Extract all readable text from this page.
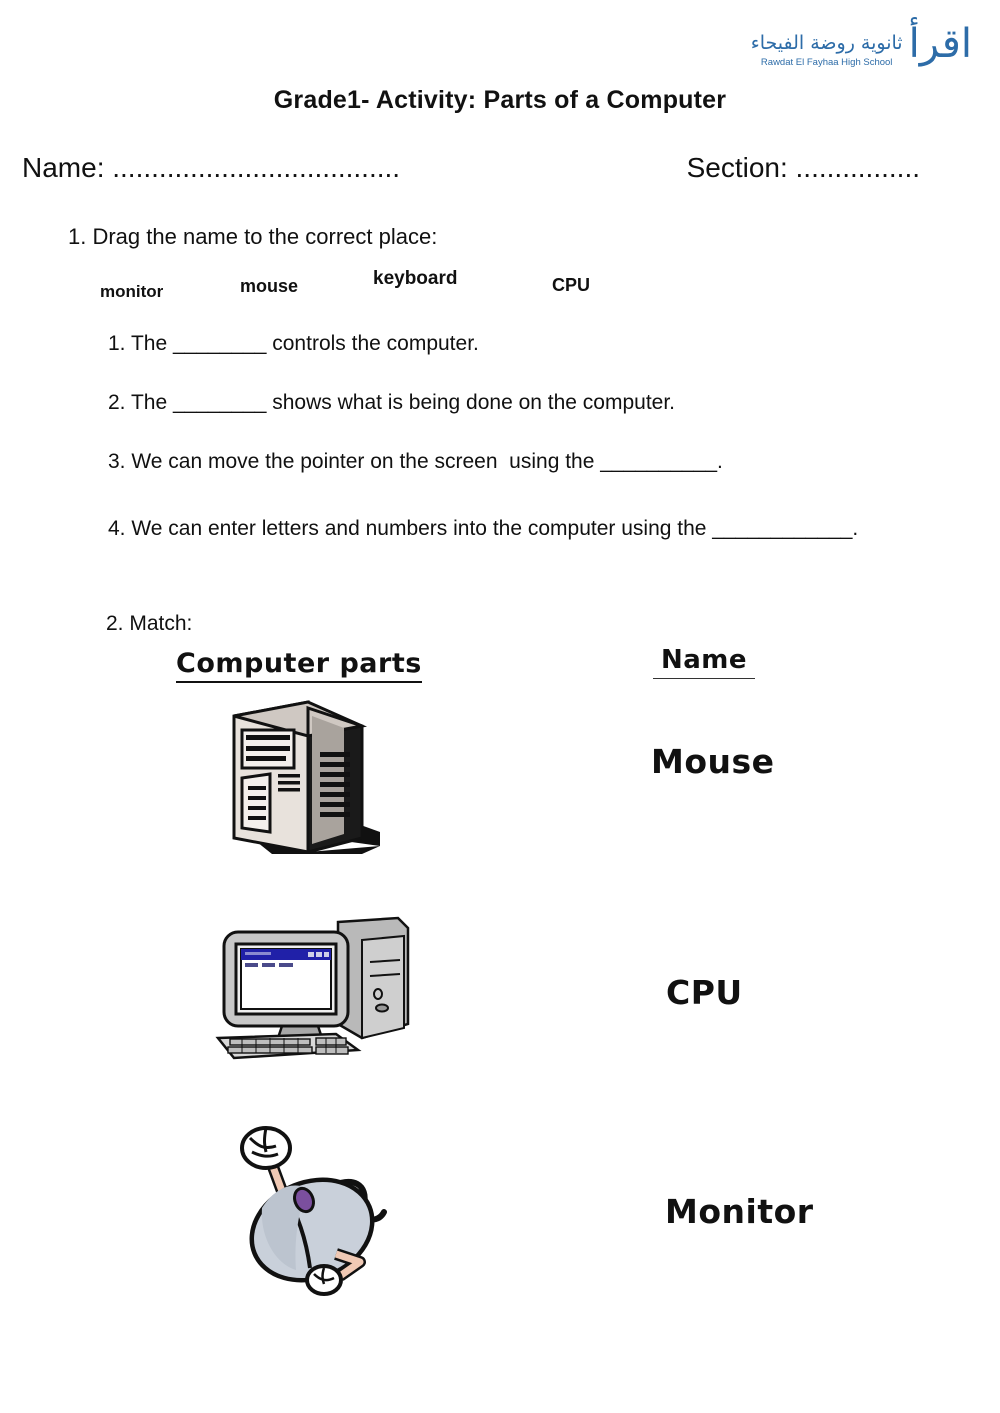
ثانوية روضة الفيحاء
Rawdat El Fayhaa High School اقرأ
Grade1- Activity: Parts of a Computer
Name: .....................................	Section: ................
1. Drag the name to the correct place:
monitor	mouse	keyboard	CPU
1. The ________ controls the computer.
2. The ________ shows what is being done on the computer.
3. We can move the pointer on the screen  using the __________.
4. We can enter letters and numbers into the computer using the ____________.
2. Match:
Computer parts	Name
Mouse
CPU
Monitor
